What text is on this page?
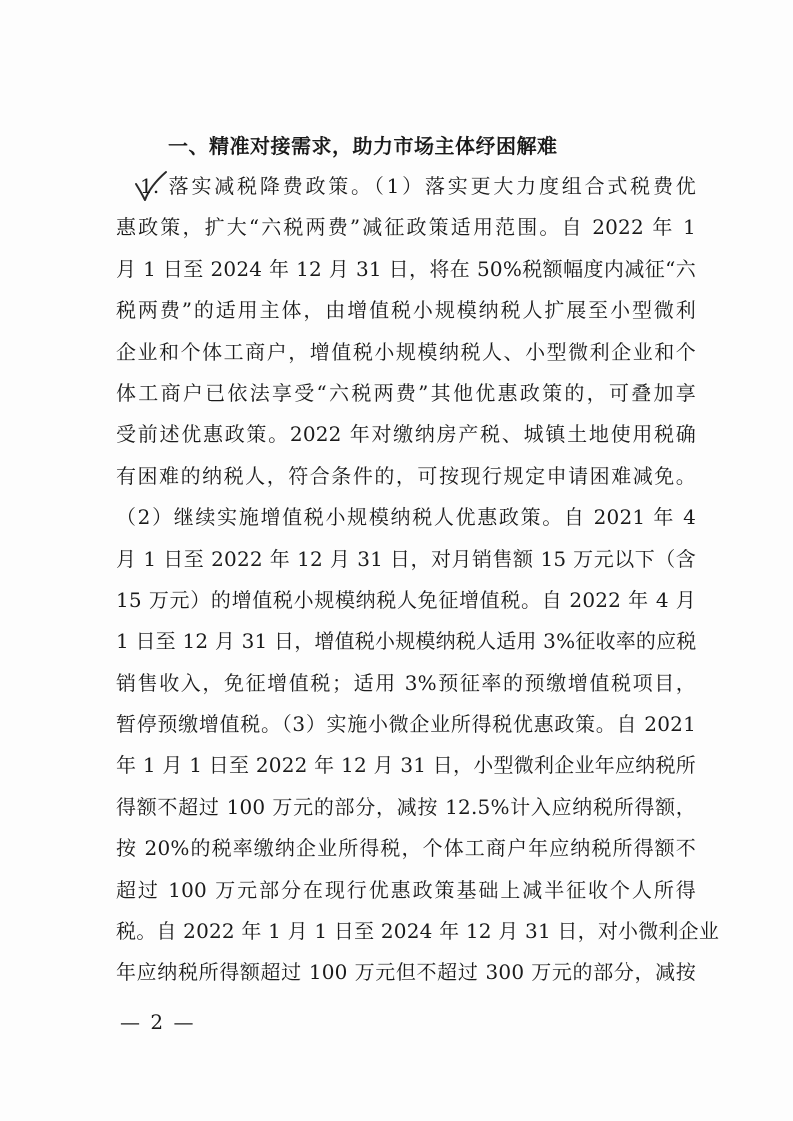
一、精准对接需求，助力市场主体纾困解难
1. 落实减税降费政策。（1）落实更大力度组合式税费优
惠政策，扩大“六税两费”减征政策适用范围。自 2022 年 1
月 1 日至 2024 年 12 月 31 日，将在 50%税额幅度内减征“六
税两费”的适用主体，由增值税小规模纳税人扩展至小型微利
企业和个体工商户，增值税小规模纳税人、小型微利企业和个
体工商户已依法享受“六税两费”其他优惠政策的，可叠加享
受前述优惠政策。2022 年对缴纳房产税、城镇土地使用税确
有困难的纳税人，符合条件的，可按现行规定申请困难减免。
（2）继续实施增值税小规模纳税人优惠政策。自 2021 年 4
月 1 日至 2022 年 12 月 31 日，对月销售额 15 万元以下（含
15 万元）的增值税小规模纳税人免征增值税。自 2022 年 4 月
1 日至 12 月 31 日，增值税小规模纳税人适用 3%征收率的应税
销售收入，免征增值税；适用 3%预征率的预缴增值税项目，
暂停预缴增值税。（3）实施小微企业所得税优惠政策。自 2021
年 1 月 1 日至 2022 年 12 月 31 日，小型微利企业年应纳税所
得额不超过 100 万元的部分，减按 12.5%计入应纳税所得额，
按 20%的税率缴纳企业所得税，个体工商户年应纳税所得额不
超过 100 万元部分在现行优惠政策基础上减半征收个人所得
税。自 2022 年 1 月 1 日至 2024 年 12 月 31 日，对小微利企业
年应纳税所得额超过 100 万元但不超过 300 万元的部分，减按
— 2 —
